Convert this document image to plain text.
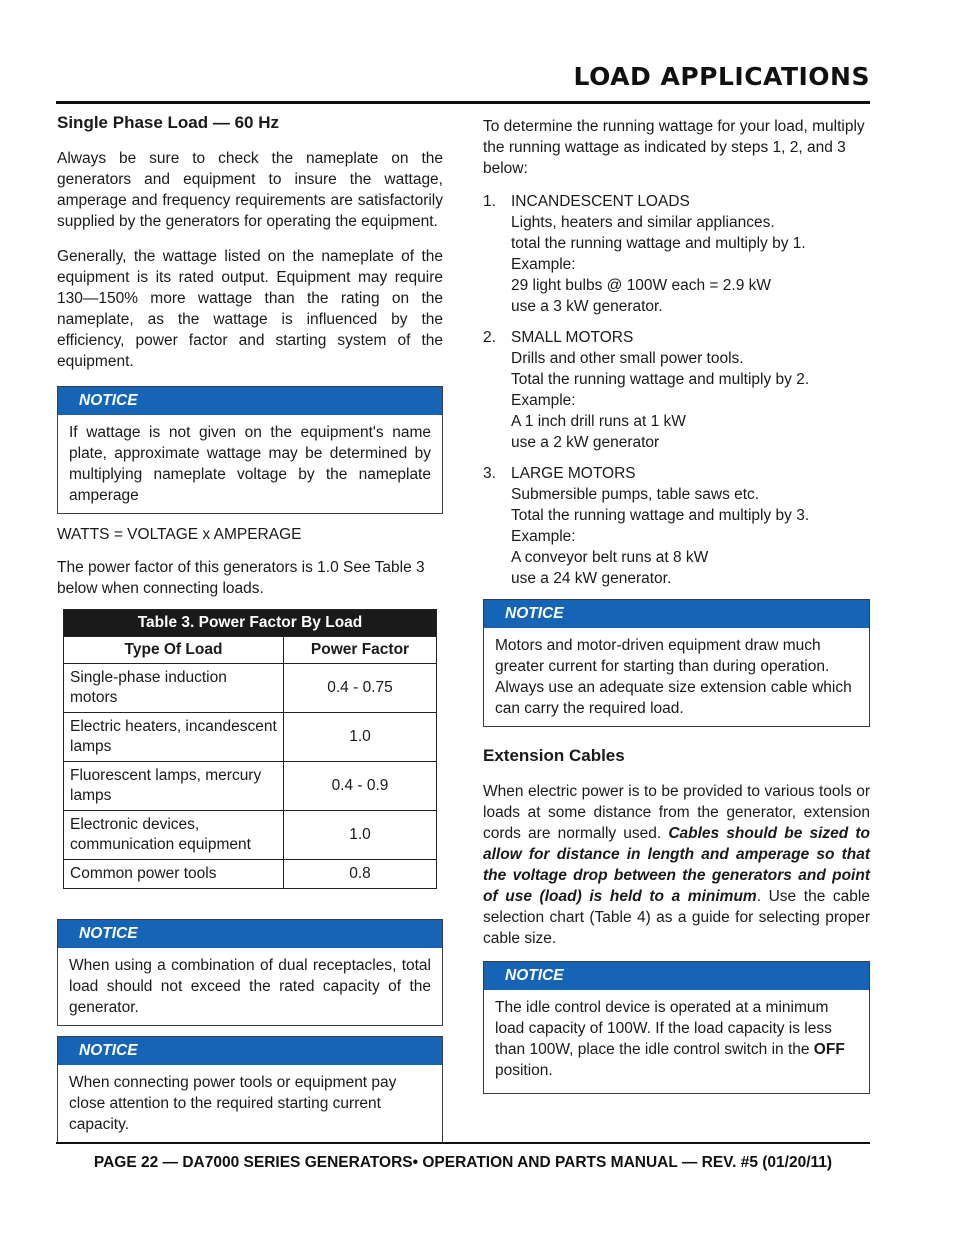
LOAD APPLICATIONS
Single Phase Load — 60 Hz

Always be sure to check the nameplate on the generators and equipment to insure the wattage, amperage and frequency requirements are satisfactorily supplied by the generators for operating the equipment.

Generally, the wattage listed on the nameplate of the equipment is its rated output. Equipment may require 130—150% more wattage than the rating on the nameplate, as the wattage is influenced by the efficiency, power factor and starting system of the equipment.

NOTICE
If wattage is not given on the equipment's name plate, approximate wattage may be determined by multiplying nameplate voltage by the nameplate amperage

WATTS = VOLTAGE x AMPERAGE

The power factor of this generators is 1.0 See Table 3 below when connecting loads.

Table 3. Power Factor By Load	
Type Of Load	Power Factor
Single-phase induction motors	0.4 - 0.75
Electric heaters, incandescent lamps	1.0
Fluorescent lamps, mercury lamps	0.4 - 0.9
Electronic devices, communication equipment	1.0
Common power tools	0.8
NOTICE
When using a combination of dual receptacles, total load should not exceed the rated capacity of the generator.
NOTICE
When connecting power tools or equipment pay close attention to the required starting current capacity.

To determine the running wattage for your load, multiply the running wattage as indicated by steps 1, 2, and 3 below:

1. INCANDESCENT LOADS
Lights, heaters and similar appliances.
total the running wattage and multiply by 1.
Example:
29 light bulbs @ 100W each = 2.9 kW
use a 3 kW generator.
2. SMALL MOTORS
Drills and other small power tools.
Total the running wattage and multiply by 2.
Example:
A 1 inch drill runs at 1 kW
use a 2 kW generator
3. LARGE MOTORS
Submersible pumps, table saws etc.
Total the running wattage and multiply by 3.
Example:
A conveyor belt runs at 8 kW
use a 24 kW generator.
NOTICE
Motors and motor-driven equipment draw much greater current for starting than during operation. Always use an adequate size extension cable which can carry the required load.
Extension Cables

When electric power is to be provided to various tools or loads at some distance from the generator, extension cords are normally used. Cables should be sized to allow for distance in length and amperage so that the voltage drop between the generators and point of use (load) is held to a minimum. Use the cable selection chart (Table 4) as a guide for selecting proper cable size.

NOTICE
The idle control device is operated at a minimum load capacity of 100W. If the load capacity is less than 100W, place the idle control switch in the OFF position.
PAGE 22 — DA7000 SERIES GENERATORS• OPERATION AND PARTS MANUAL — REV. #5 (01/20/11)
